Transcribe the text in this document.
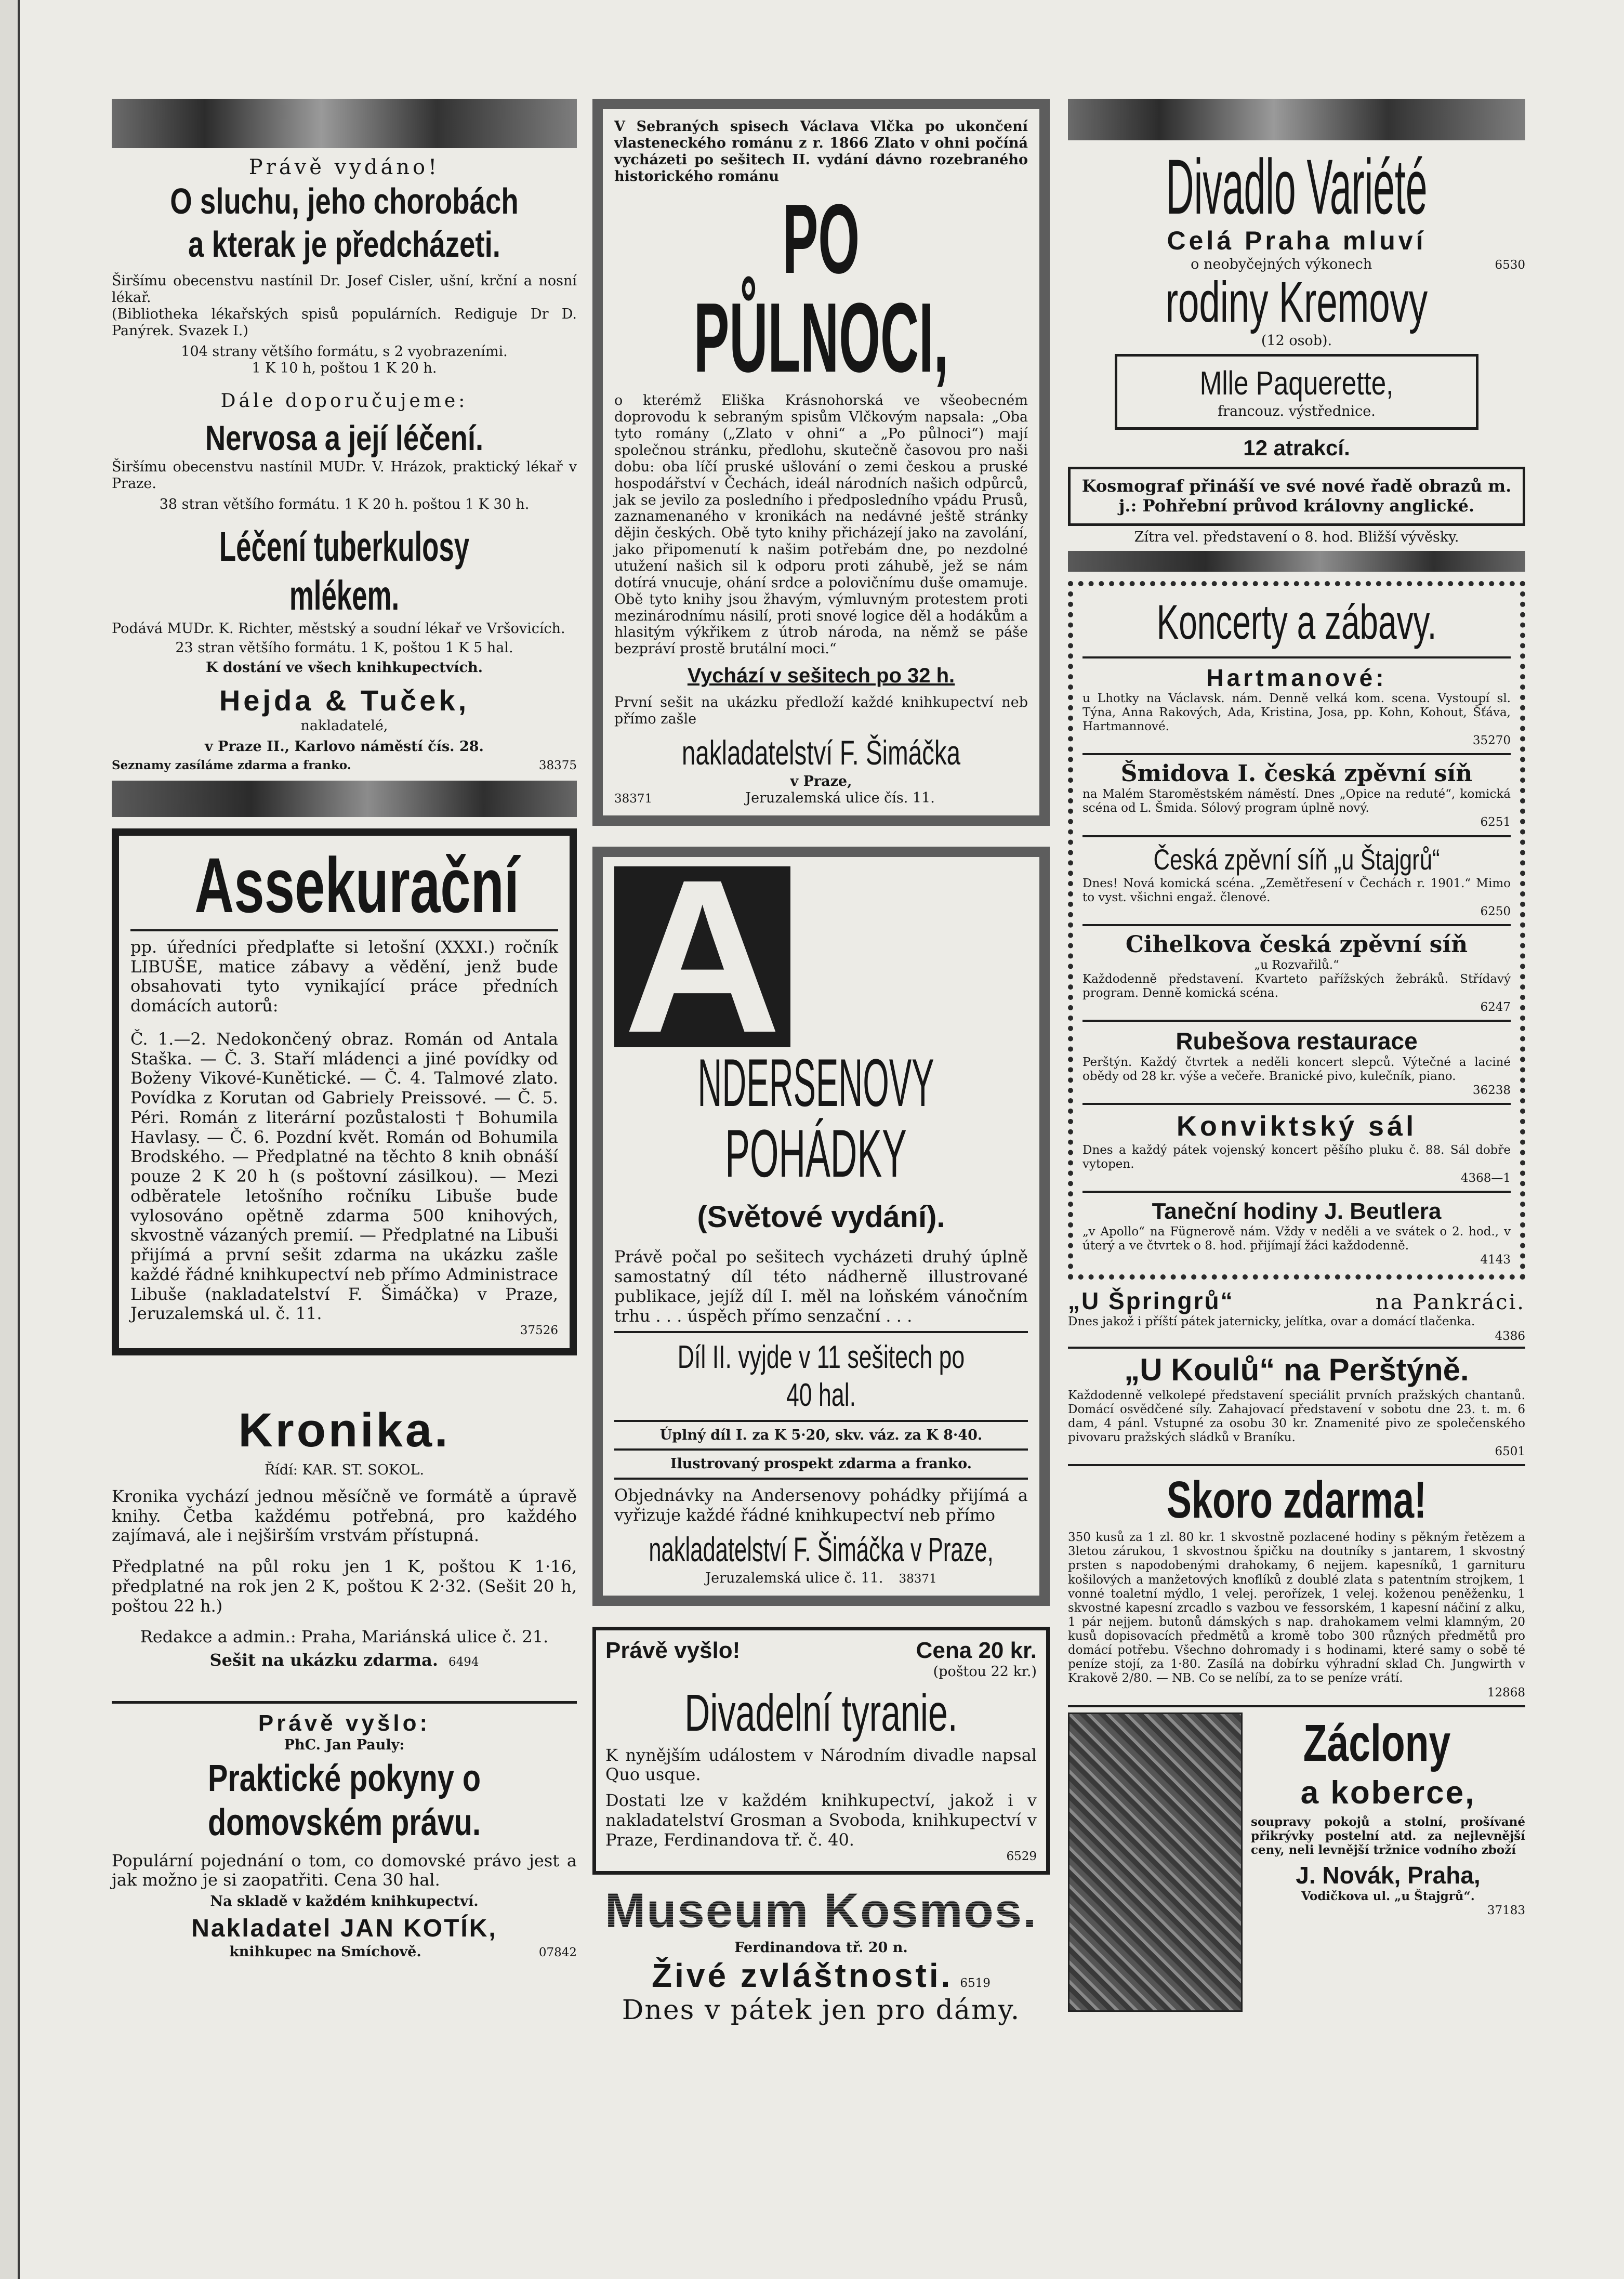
Právě vydáno!

O sluchu, jeho chorobách

a kterak je předcházeti.

Širšímu obecenstvu nastínil Dr. Josef Cisler, ušní, krční a nosní lékař.

(Bibliotheka lékařských spisů populárních. Rediguje Dr D. Panýrek. Svazek I.)

104 strany většího formátu, s 2 vyobrazeními.

1 K 10 h, poštou 1 K 20 h.

Dále doporučujeme:

Nervosa a její léčení.

Širšímu obecenstvu nastínil MUDr. V. Hrázok, praktický lékař v Praze.

38 stran většího formátu. 1 K 20 h. poštou 1 K 30 h.

Léčení tuberkulosy mlékem.

Podává MUDr. K. Richter, městský a soudní lékař ve Vršovicích.

23 stran většího formátu. 1 K, poštou 1 K 5 hal.

K dostání ve všech knihkupectvích.

Hejda & Tuček,

nakladatelé,

v Praze II., Karlovo náměstí čís. 28.

Seznamy zasíláme zdarma a franko.	38375

Assekurační

pp. úředníci předplaťte si letošní (XXXI.) ročník LIBUŠE, matice zábavy a vědění, jenž bude obsahovati tyto vynikající práce předních domácích autorů:

Č. 1.—2. Nedokončený obraz. Román od Antala Staška. — Č. 3. Staří mládenci a jiné povídky od Boženy Vikové-Kunětické. — Č. 4. Talmové zlato. Povídka z Korutan od Gabriely Preissové. — Č. 5. Péri. Román z literární pozůstalosti † Bohumila Havlasy. — Č. 6. Pozdní květ. Román od Bohumila Brodského. — Předplatné na těchto 8 knih obnáší pouze 2 K 20 h (s poštovní zásilkou). — Mezi odběratele letošního ročníku Libuše bude vylosováno opětně zdarma 500 knihových, skvostně vázaných premií. — Předplatné na Libuši přijímá a první sešit zdarma na ukázku zašle každé řádné knihkupectví neb přímo Administrace Libuše (nakladatelství F. Šimáčka) v Praze, Jeruzalemská ul. č. 11.

37526

Kronika.

Řídí: KAR. ST. SOKOL.

Kronika vychází jednou měsíčně ve formátě a úpravě knihy. Četba každému potřebná, pro každého zajímavá, ale i nejširším vrstvám přístupná.

Předplatné na půl roku jen 1 K, poštou K 1·16, předplatné na rok jen 2 K, poštou K 2·32. (Sešit 20 h, poštou 22 h.)

Redakce a admin.: Praha, Mariánská ulice č. 21.

Sešit na ukázku zdarma. 6494

Právě vyšlo:

PhC. Jan Pauly:

Praktické pokyny o domovském právu.

Populární pojednání o tom, co domovské právo jest a jak možno je si zaopatřiti. Cena 30 hal.

Na skladě v každém knihkupectví.

Nakladatel JAN KOTÍK,

knihkupec na Smíchově.	07842

V Sebraných spisech Václava Vlčka po ukončení vlasteneckého románu z r. 1866 Zlato v ohni počíná vycházeti po sešitech II. vydání dávno rozebraného historického románu

PO PŮLNOCI,

o kterémž Eliška Krásnohorská ve všeobecném doprovodu k sebraným spisům Vlčkovým napsala: „Oba tyto romány („Zlato v ohni“ a „Po půlnoci“) mají společnou stránku, předlohu, skutečně časovou pro naši dobu: oba líčí pruské ušlování o zemi českou a pruské hospodářství v Čechách, ideál národních našich odpůrců, jak se jevilo za posledního i předposledního vpádu Prusů, zaznamenaného v kronikách na nedávné ještě stránky dějin českých. Obě tyto knihy přicházejí jako na zavolání, jako připomenutí k našim potřebám dne, po nezdolné utužení našich sil k odporu proti záhubě, jež se nám dotírá vnucuje, ohání srdce a polovičnímu duše omamuje. Obě tyto knihy jsou žhavým, výmluvným protestem proti mezinárodnímu násilí, proti snové logice děl a hodákům a hlasitým výkřikem z útrob národa, na němž se páše bezpráví prostě brutální moci.“

Vychází v sešitech po 32 h.

První sešit na ukázku předloží každé knihkupectví neb přímo zašle

nakladatelství F. Šimáčka

v Praze,

38371	Jeruzalemská ulice čís. 11.
A

NDERSENOVY

POHÁDKY

(Světové vydání).

Právě počal po sešitech vycházeti druhý úplně samostatný díl této nádherně illustrované publikace, jejíž díl I. měl na loňském vánočním trhu . . . úspěch přímo senzační . . .

Díl II. vyjde v 11 sešitech po 40 hal.

Úplný díl I. za K 5·20, skv. váz. za K 8·40.

Ilustrovaný prospekt zdarma a franko.

Objednávky na Andersenovy pohádky přijímá a vyřizuje každé řádné knihkupectví neb přímo

nakladatelství F. Šimáčka v Praze,

Jeruzalemská ulice č. 11. 38371
Právě vyšlo!	Cena 20 kr.

(poštou 22 kr.)

Divadelní tyranie.

K nynějším událostem v Národním divadle napsal Quo usque.

Dostati lze v každém knihkupectví, jakož i v nakladatelství Grosman a Svoboda, knihkupectví v Praze, Ferdinandova tř. č. 40.

6529

Museum Kosmos.

Ferdinandova tř. 20 n.

Živé zvláštnosti. 6519

Dnes v pátek jen pro dámy.

Divadlo Variété

Celá Praha mluví

o neobyčejných výkonech	6530

rodiny Kremovy

(12 osob).

Mlle Paquerette,

francouz. výstřednice.

12 atrakcí.

Kosmograf přináší ve své nové řadě obrazů m. j.: Pohřební průvod královny anglické.

Zítra vel. představení o 8. hod. Bližší vývěsky.

Koncerty a zábavy.

Hartmanové:

u Lhotky na Václavsk. nám. Denně velká kom. scena. Vystoupí sl. Týna, Anna Rakových, Ada, Kristina, Josa, pp. Kohn, Kohout, Šťáva, Hartmannové.

35270

Šmidova I. česká zpěvní síň

na Malém Staroměstském náměstí. Dnes „Opice na reduté“, komická scéna od L. Šmida. Sólový program úplně nový.

6251

Česká zpěvní síň „u Štajgrů“

Dnes! Nová komická scéna. „Zemětřesení v Čechách r. 1901.“ Mimo to vyst. všichni engaž. členové.

6250

Cihelkova česká zpěvní síň

„u Rozvařilů.“

Každodenně představení. Kvarteto pařížských žebráků. Střídavý program. Denně komická scéna.

6247

Rubešova restaurace

Perštýn. Každý čtvrtek a neděli koncert slepců. Výtečné a laciné obědy od 28 kr. výše a večeře. Branické pivo, kulečník, piano.

36238

Konviktský sál

Dnes a každý pátek vojenský koncert pěšího pluku č. 88. Sál dobře vytopen.

4368—1

Taneční hodiny J. Beutlera

„v Apollo“ na Fügnerově nám. Vždy v neděli a ve svátek o 2. hod., v úterý a ve čtvrtek o 8. hod. přijímají žáci každodenně.

4143

„U Špringrů“	na Pankráci.

Dnes jakož i příští pátek jaternicky, jelítka, ovar a domácí tlačenka.

4386

„U Koulů“ na Perštýně.

Každodenně velkolepé představení speciálit prvních pražských chantanů. Domácí osvědčené síly. Zahajovací představení v sobotu dne 23. t. m. 6 dam, 4 pánl. Vstupné za osobu 30 kr. Znamenité pivo ze společenského pivovaru pražských sládků v Braníku.

6501

Skoro zdarma!

350 kusů za 1 zl. 80 kr. 1 skvostně pozlacené hodiny s pěkným řetězem a 3letou zárukou, 1 skvostnou špičku na doutníky s jantarem, 1 skvostný prsten s napodobenými drahokamy, 6 nejjem. kapesníků, 1 garnituru košilových a manžetových knoflíků z doublé zlata s patentním strojkem, 1 vonné toaletní mýdlo, 1 velej. perořízek, 1 velej. koženou peněženku, 1 skvostné kapesní zrcadlo s vazbou ve fessorském, 1 kapesní náčiní z alku, 1 pár nejjem. butonů dámských s nap. drahokamem velmi klamným, 20 kusů dopisovacích předmětů a kromě tobo 300 různých předmětů pro domácí potřebu. Všechno dohromady i s hodinami, které samy o sobě té peníze stojí, za 1·80. Zasílá na dobírku výhradní sklad Ch. Jungwirth v Krakově 2/80. — NB. Co se nelíbí, za to se peníze vrátí.

12868

Záclony

a koberce,

soupravy pokojů a stolní, prošívané přikrývky postelní atd. za nejlevnější ceny, neli levnější tržnice vodního zboží

J. Novák, Praha,

Vodičkova ul. „u Štajgrů“.

37183
